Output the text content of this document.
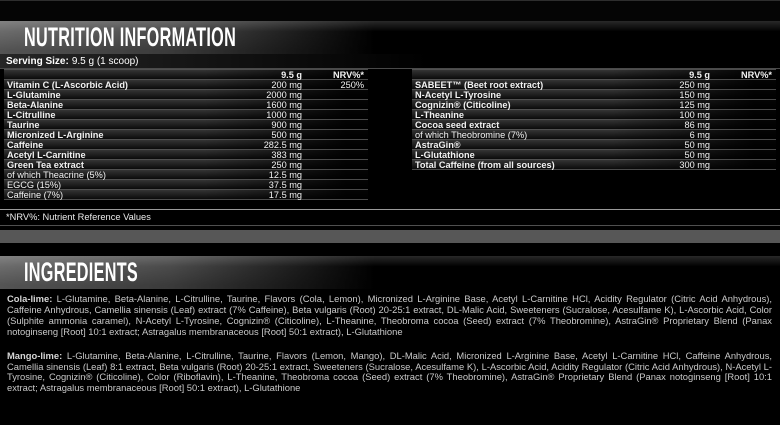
NUTRITION INFORMATION
Serving Size: 9.5 g (1 scoop)
9.5 g	NRV%*
Vitamin C (L-Ascorbic Acid)	200 mg	250%
L-Glutamine	2000 mg
Beta-Alanine	1600 mg
L-Citrulline	1000 mg
Taurine	900 mg
Micronized L-Arginine	500 mg
Caffeine	282.5 mg
Acetyl L-Carnitine	383 mg
Green Tea extract	250 mg
of which Theacrine (5%)	12.5 mg
EGCG (15%)	37.5 mg
Caffeine (7%)	17.5 mg
9.5 g	NRV%*
SABEET™ (Beet root extract)	250 mg
N-Acetyl L-Tyrosine	150 mg
Cognizin® (Citicoline)	125 mg
L-Theanine	100 mg
Cocoa seed extract	86 mg
of which Theobromine (7%)	6 mg
AstraGin®	50 mg
L-Glutathione	50 mg
Total Caffeine (from all sources)	300 mg
*NRV%: Nutrient Reference Values
INGREDIENTS

Cola-lime: L-Glutamine, Beta-Alanine, L-Citrulline, Taurine, Flavors (Cola, Lemon), Micronized L-Arginine Base, Acetyl L-Carnitine HCl, Acidity Regulator (Citric Acid Anhydrous), Caffeine Anhydrous, Camellia sinensis (Leaf) extract (7% Caffeine), Beta vulgaris (Root) 20-25:1 extract, DL-Malic Acid, Sweeteners (Sucralose, Acesulfame K), L-Ascorbic Acid, Color (Sulphite ammonia caramel), N-Acetyl L-Tyrosine, Cognizin® (Citicoline), L-Theanine, Theobroma cocoa (Seed) extract (7% Theobromine), AstraGin® Proprietary Blend (Panax notoginseng [Root] 10:1 extract; Astragalus membranaceous [Root] 50:1 extract), L-Glutathione

Mango-lime: L-Glutamine, Beta-Alanine, L-Citrulline, Taurine, Flavors (Lemon, Mango), DL-Malic Acid, Micronized L-Arginine Base, Acetyl L-Carnitine HCl, Caffeine Anhydrous, Camellia sinensis (Leaf) 8:1 extract, Beta vulgaris (Root) 20-25:1 extract, Sweeteners (Sucralose, Acesulfame K), L-Ascorbic Acid, Acidity Regulator (Citric Acid Anhydrous), N-Acetyl L-Tyrosine, Cognizin® (Citicoline), Color (Riboflavin), L-Theanine, Theobroma cocoa (Seed) extract (7% Theobromine), AstraGin® Proprietary Blend (Panax notoginseng [Root] 10:1 extract; Astragalus membranaceous [Root] 50:1 extract), L-Glutathione
